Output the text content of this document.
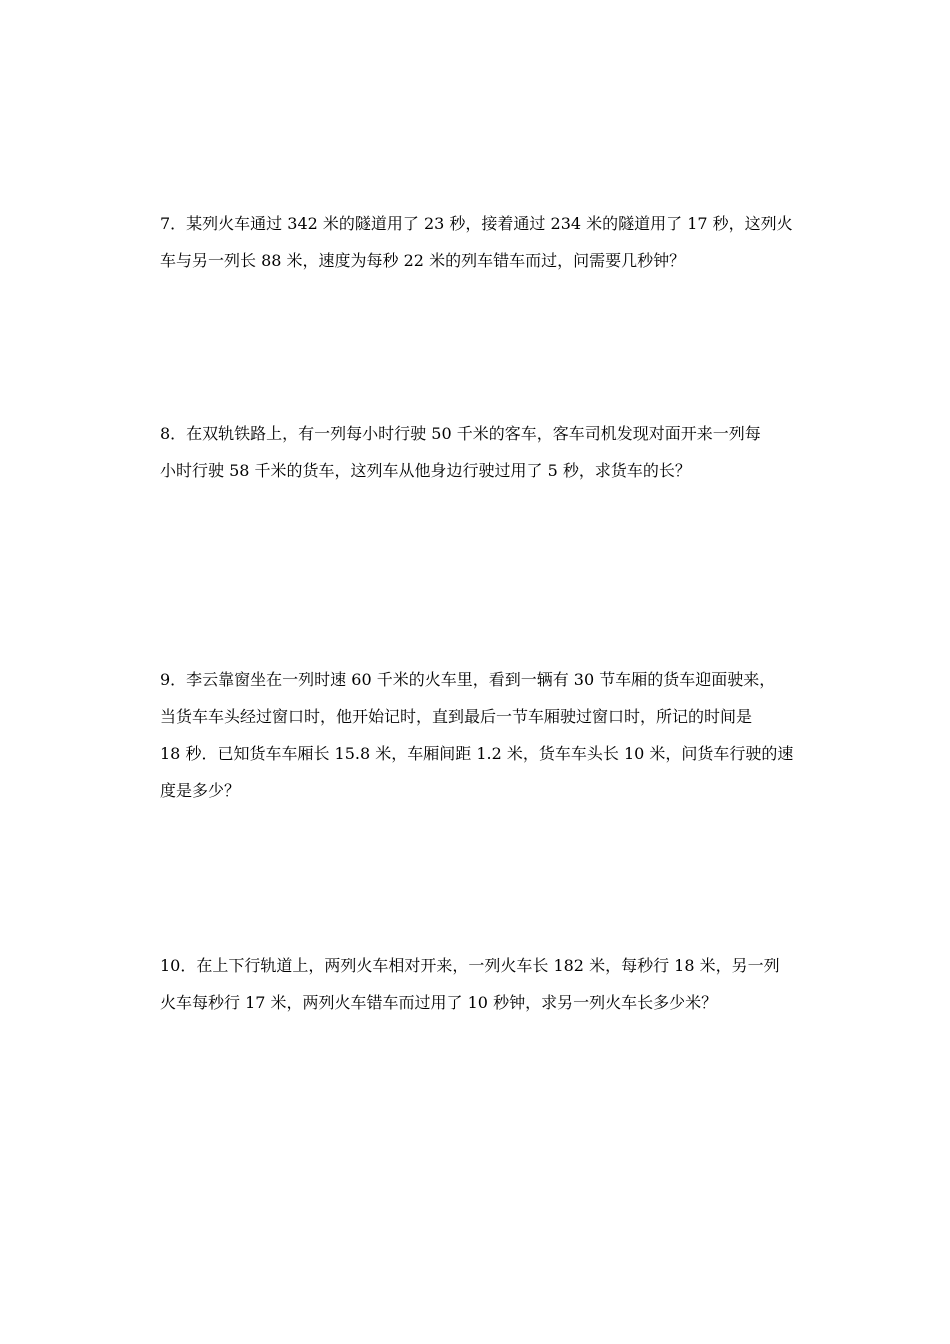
7．某列火车通过 342 米的隧道用了 23 秒，接着通过 234 米的隧道用了 17 秒，这列火
车与另一列长 88 米，速度为每秒 22 米的列车错车而过，问需要几秒钟？
8．在双轨铁路上，有一列每小时行驶 50 千米的客车，客车司机发现对面开来一列每
小时行驶 58 千米的货车，这列车从他身边行驶过用了 5 秒，求货车的长？
9．李云靠窗坐在一列时速 60 千米的火车里，看到一辆有 30 节车厢的货车迎面驶来，
当货车车头经过窗口时，他开始记时，直到最后一节车厢驶过窗口时，所记的时间是
18 秒．已知货车车厢长 15.8 米，车厢间距 1.2 米，货车车头长 10 米，问货车行驶的速
度是多少？
10．在上下行轨道上，两列火车相对开来，一列火车长 182 米，每秒行 18 米，另一列
火车每秒行 17 米，两列火车错车而过用了 10 秒钟，求另一列火车长多少米？
